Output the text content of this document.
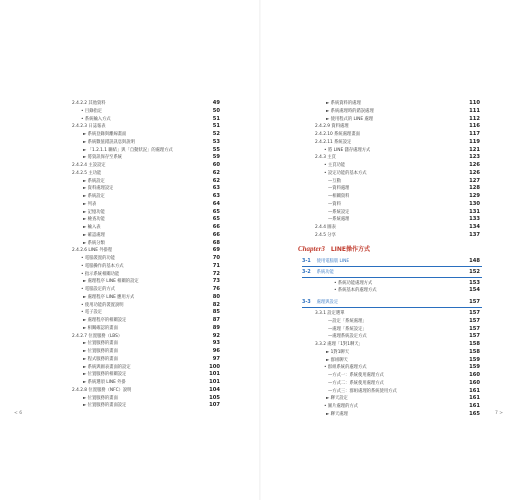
2.4.2.2 其他資料	49
• 目錄指定	50
• 系統輸入方式	51
2.4.2.3 日誌報表	51
► 系統登錄與離線畫面	52
► 系統數值錯誤訊息與說明	53
► 「1.2.1.1 聯結」與「自動狀況」的處理方式	55
► 將資訊保存至系統	59
2.4.2.4 主設設定	60
2.4.2.5 主功能	62
► 系統設定	62
► 資料處理設定	63
► 系統設定	63
► 列表	64
► 記憶功能	65
► 檢查功能	65
► 輸入表	66
► 確認處理	66
► 系統分類	68
2.4.2.6 LINE 外掛程	69
• 電腦裝置的功能	70
• 電腦操作的基本方式	71
• 指示系統相關功能	72
► 處理程序 LINE 相關的設定	73
• 電腦設定的方式	76
► 處理程序 LINE 應用方式	80
• 使用功能的裝置說明	82
• 電子設定	85
► 處理程序的相關設定	87
► 相關確認的畫面	89
2.4.2.7 位置服務（LBS）	92
► 位置服務的畫面	93
► 位置服務的畫面	96
► 程式服務的畫面	97
► 系統與圖表畫面的設定	100
► 位置服務的相關設定	101
► 系統選項 LINE 外掛	101
2.4.2.8 位置服務（NFC）說明	104
► 位置服務的畫面	105
► 位置服務的畫面設定	107
< 6
► 系統資料的處理	110
► 系統處理時的錯誤處理	111
► 使用程式的 LINE 處理	112
2.4.2.9 資料處理	116
2.4.2.10 系統處理畫面	117
2.4.2.11 系統設定	119
• 將 LINE 儲存處理方式	121
2.4.3 主頁	123
• 主頁功能	126
• 設定功能的基本方式	126
—互動	127
—資料處理	128
—相關資料	129
—資料	130
—系統設定	131
—系統處理	133
2.4.4 圖表	134
2.4.5 分享	137
Chapter3 LINE操作方式
3-1 使用電腦版 LINE	148
3-2 系統功能	152
• 系統功能處理方式	153
• 系統基本的處理方式	154
3-3 處理與設定	157
3.3.1 設定選單	157
—設定「系統處理」	157
—處理「系統設定」	157
—處理系統設定方式	157
3.3.2 處理「1對1聊天」	158
► 1對1聊天	158
► 群組聊天	159
• 群組系統的處理方式	159
—方式一：系統使用處理方式	160
—方式二：系統使用處理方式	160
—方式三：群組處理的系統使用方式	161
► 聊天設定	161
• 圖片處理的方式	161
► 聊天處理	165	7 >
